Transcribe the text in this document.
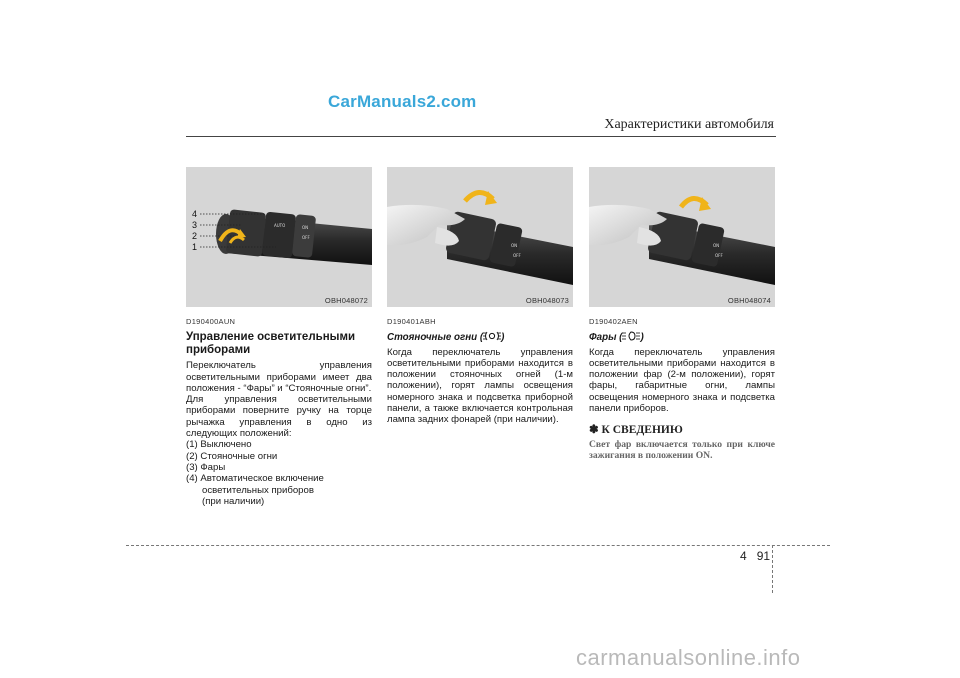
CarManuals2.com
Характеристики автомобиля
AUTO	ON
OFF
4
3
2
1
OBH048072
ON
OFF
OBH048073
ON
OFF
OBH048074
D190400AUN
Управление осветительными приборами

Переключатель управления осветительными приборами имеет два положения - “Фары” и “Стояночные огни”.

Для управления осветительными приборами поверните ручку на торце рычажка управления в одно из следующих положений:

(1) Выключено
(2) Стояночные огни
(3) Фары
(4) Автоматическое включение
осветительных приборов
(при наличии)
D190401ABH
Стояночные огни ( )

Когда переключатель управления осветительными приборами находится в положении стояночных огней (1-м положении), горят лампы освещения номерного знака и подсветка приборной панели, а также включается контрольная лампа задних фонарей (при наличии).

D190402AEN
Фары ( )

Когда переключатель управления осветительными приборами находится в положении фар (2-м положении), горят фары, габаритные огни, лампы освещения номерного знака и подсветка панели приборов.

✽ К СВЕДЕНИЮ
Свет фар включается только при ключе зажигания в положении ON.
4 91
carmanualsonline.info
